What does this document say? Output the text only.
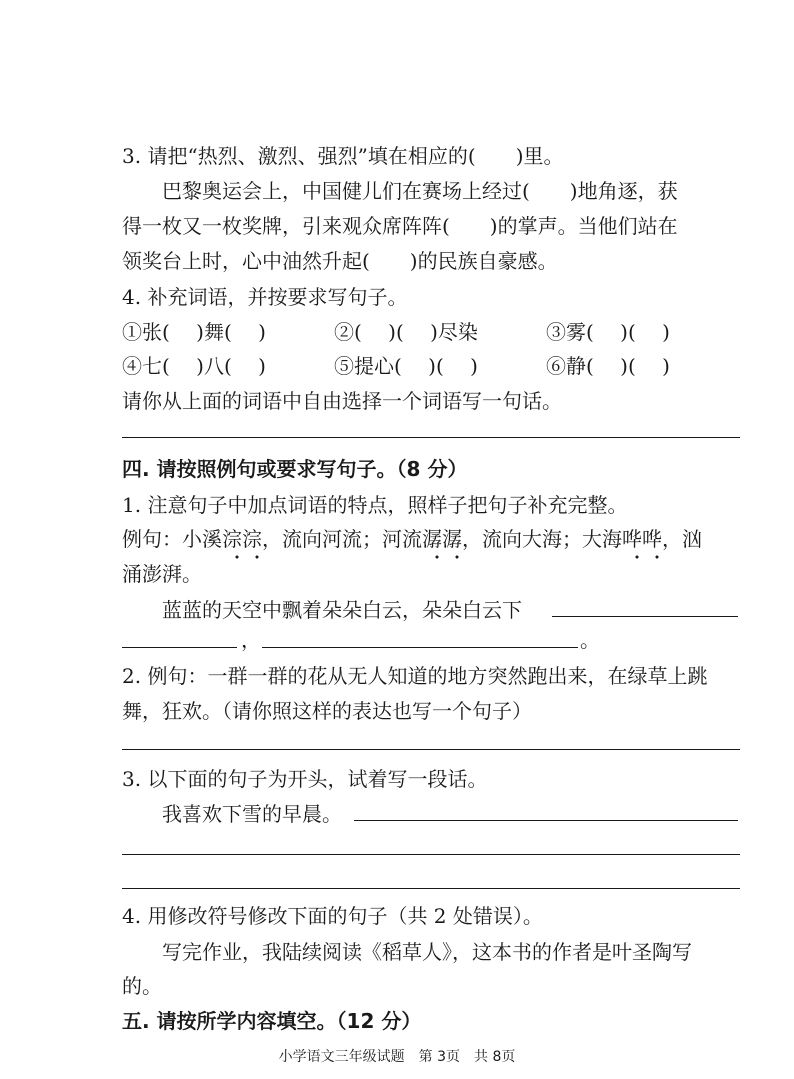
3. 请把“热烈、激烈、强烈”填在相应的(　　)里。
巴黎奥运会上，中国健儿们在赛场上经过(　　)地角逐，获
得一枚又一枚奖牌，引来观众席阵阵(　　)的掌声。当他们站在
领奖台上时，心中油然升起(　　)的民族自豪感。
4. 补充词语，并按要求写句子。
①张(　 )舞(　 )	②(　 )(　 )尽染	③雾(　 )(　 )
④七(　 )八(　 )	⑤提心(　 )(　 )	⑥静(　 )(　 )
请你从上面的词语中自由选择一个词语写一句话。
四. 请按照例句或要求写句子。（8 分）
1. 注意句子中加点词语的特点，照样子把句子补充完整。
例句：小溪淙淙，流向河流；河流潺潺，流向大海；大海哗哗，汹
涌澎湃。
蓝蓝的天空中飘着朵朵白云，朵朵白云下
，	。
2. 例句：一群一群的花从无人知道的地方突然跑出来，在绿草上跳
舞，狂欢。（请你照这样的表达也写一个句子）
3. 以下面的句子为开头，试着写一段话。
我喜欢下雪的早晨。
4. 用修改符号修改下面的句子（共 2 处错误）。
写完作业，我陆续阅读《稻草人》，这本书的作者是叶圣陶写
的。
五. 请按所学内容填空。（12 分）
小学语文三年级试题　第 3页　共 8页
